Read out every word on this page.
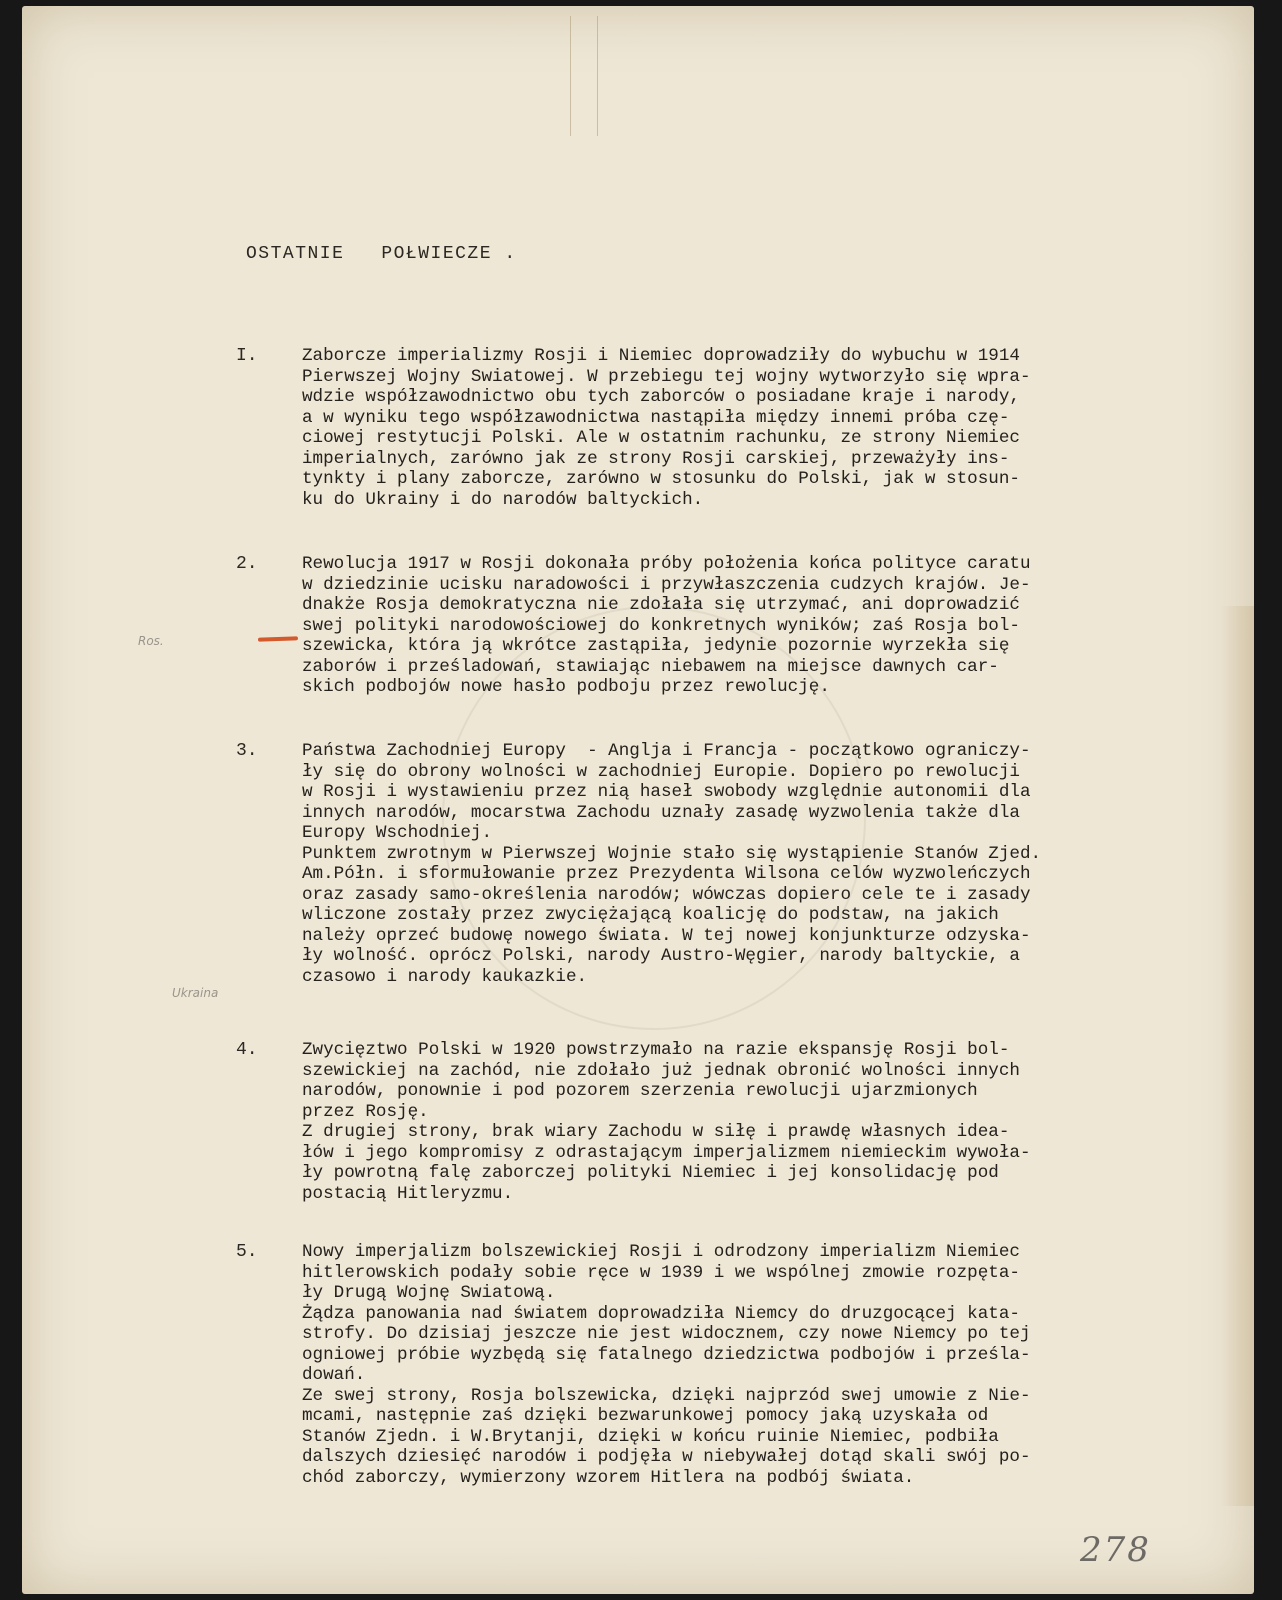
OSTATNIE   POŁWIECZE .
I.	Zaborcze imperializmy Rosji i Niemiec doprowadziły do wybuchu w 1914
Pierwszej Wojny Swiatowej. W przebiegu tej wojny wytworzyło się wpra-
wdzie współzawodnictwo obu tych zaborców o posiadane kraje i narody,
a w wyniku tego współzawodnictwa nastąpiła między innemi próba czę-
ciowej restytucji Polski. Ale w ostatnim rachunku, ze strony Niemiec
imperialnych, zarówno jak ze strony Rosji carskiej, przeważyły ins-
tynkty i plany zaborcze, zarówno w stosunku do Polski, jak w stosun-
ku do Ukrainy i do narodów baltyckich.
2.	Rewolucja 1917 w Rosji dokonała próby położenia końca polityce caratu
w dziedzinie ucisku naradowości i przywłaszczenia cudzych krajów. Je-
dnakże Rosja demokratyczna nie zdołała się utrzymać, ani doprowadzić
swej polityki narodowościowej do konkretnych wyników; zaś Rosja bol-
szewicka, która ją wkrótce zastąpiła, jedynie pozornie wyrzekła się
zaborów i prześladowań, stawiając niebawem na miejsce dawnych car-
skich podbojów nowe hasło podboju przez rewolucję.
3.	Państwa Zachodniej Europy  - Anglja i Francja - początkowo ograniczy-
ły się do obrony wolności w zachodniej Europie. Dopiero po rewolucji
w Rosji i wystawieniu przez nią haseł swobody względnie autonomii dla
innych narodów, mocarstwa Zachodu uznały zasadę wyzwolenia także dla
Europy Wschodniej.
Punktem zwrotnym w Pierwszej Wojnie stało się wystąpienie Stanów Zjed.
Am.Półn. i sformułowanie przez Prezydenta Wilsona celów wyzwoleńczych
oraz zasady samo-określenia narodów; wówczas dopiero cele te i zasady
wliczone zostały przez zwyciężającą koalicję do podstaw, na jakich
należy oprzeć budowę nowego świata. W tej nowej konjunkturze odzyska-
ły wolność. oprócz Polski, narody Austro-Węgier, narody baltyckie, a
czasowo i narody kaukazkie.
4.	Zwycięztwo Polski w 1920 powstrzymało na razie ekspansję Rosji bol-
szewickiej na zachód, nie zdołało już jednak obronić wolności innych
narodów, ponownie i pod pozorem szerzenia rewolucji ujarzmionych
przez Rosję.
Z drugiej strony, brak wiary Zachodu w siłę i prawdę własnych idea-
łów i jego kompromisy z odrastającym imperjalizmem niemieckim wywoła-
ły powrotną falę zaborczej polityki Niemiec i jej konsolidację pod
postacią Hitleryzmu.
5.	Nowy imperjalizm bolszewickiej Rosji i odrodzony imperializm Niemiec
hitlerowskich podały sobie ręce w 1939 i we wspólnej zmowie rozpęta-
ły Drugą Wojnę Swiatową.
Żądza panowania nad światem doprowadziła Niemcy do druzgocącej kata-
strofy. Do dzisiaj jeszcze nie jest widocznem, czy nowe Niemcy po tej
ogniowej próbie wyzbędą się fatalnego dziedzictwa podbojów i prześla-
dowań.
Ze swej strony, Rosja bolszewicka, dzięki najprzód swej umowie z Nie-
mcami, następnie zaś dzięki bezwarunkowej pomocy jaką uzyskała od
Stanów Zjedn. i W.Brytanji, dzięki w końcu ruinie Niemiec, podbiła
dalszych dziesięć narodów i podjęła w niebywałej dotąd skali swój po-
chód zaborczy, wymierzony wzorem Hitlera na podbój świata.
Ros.
Ukraina
278
